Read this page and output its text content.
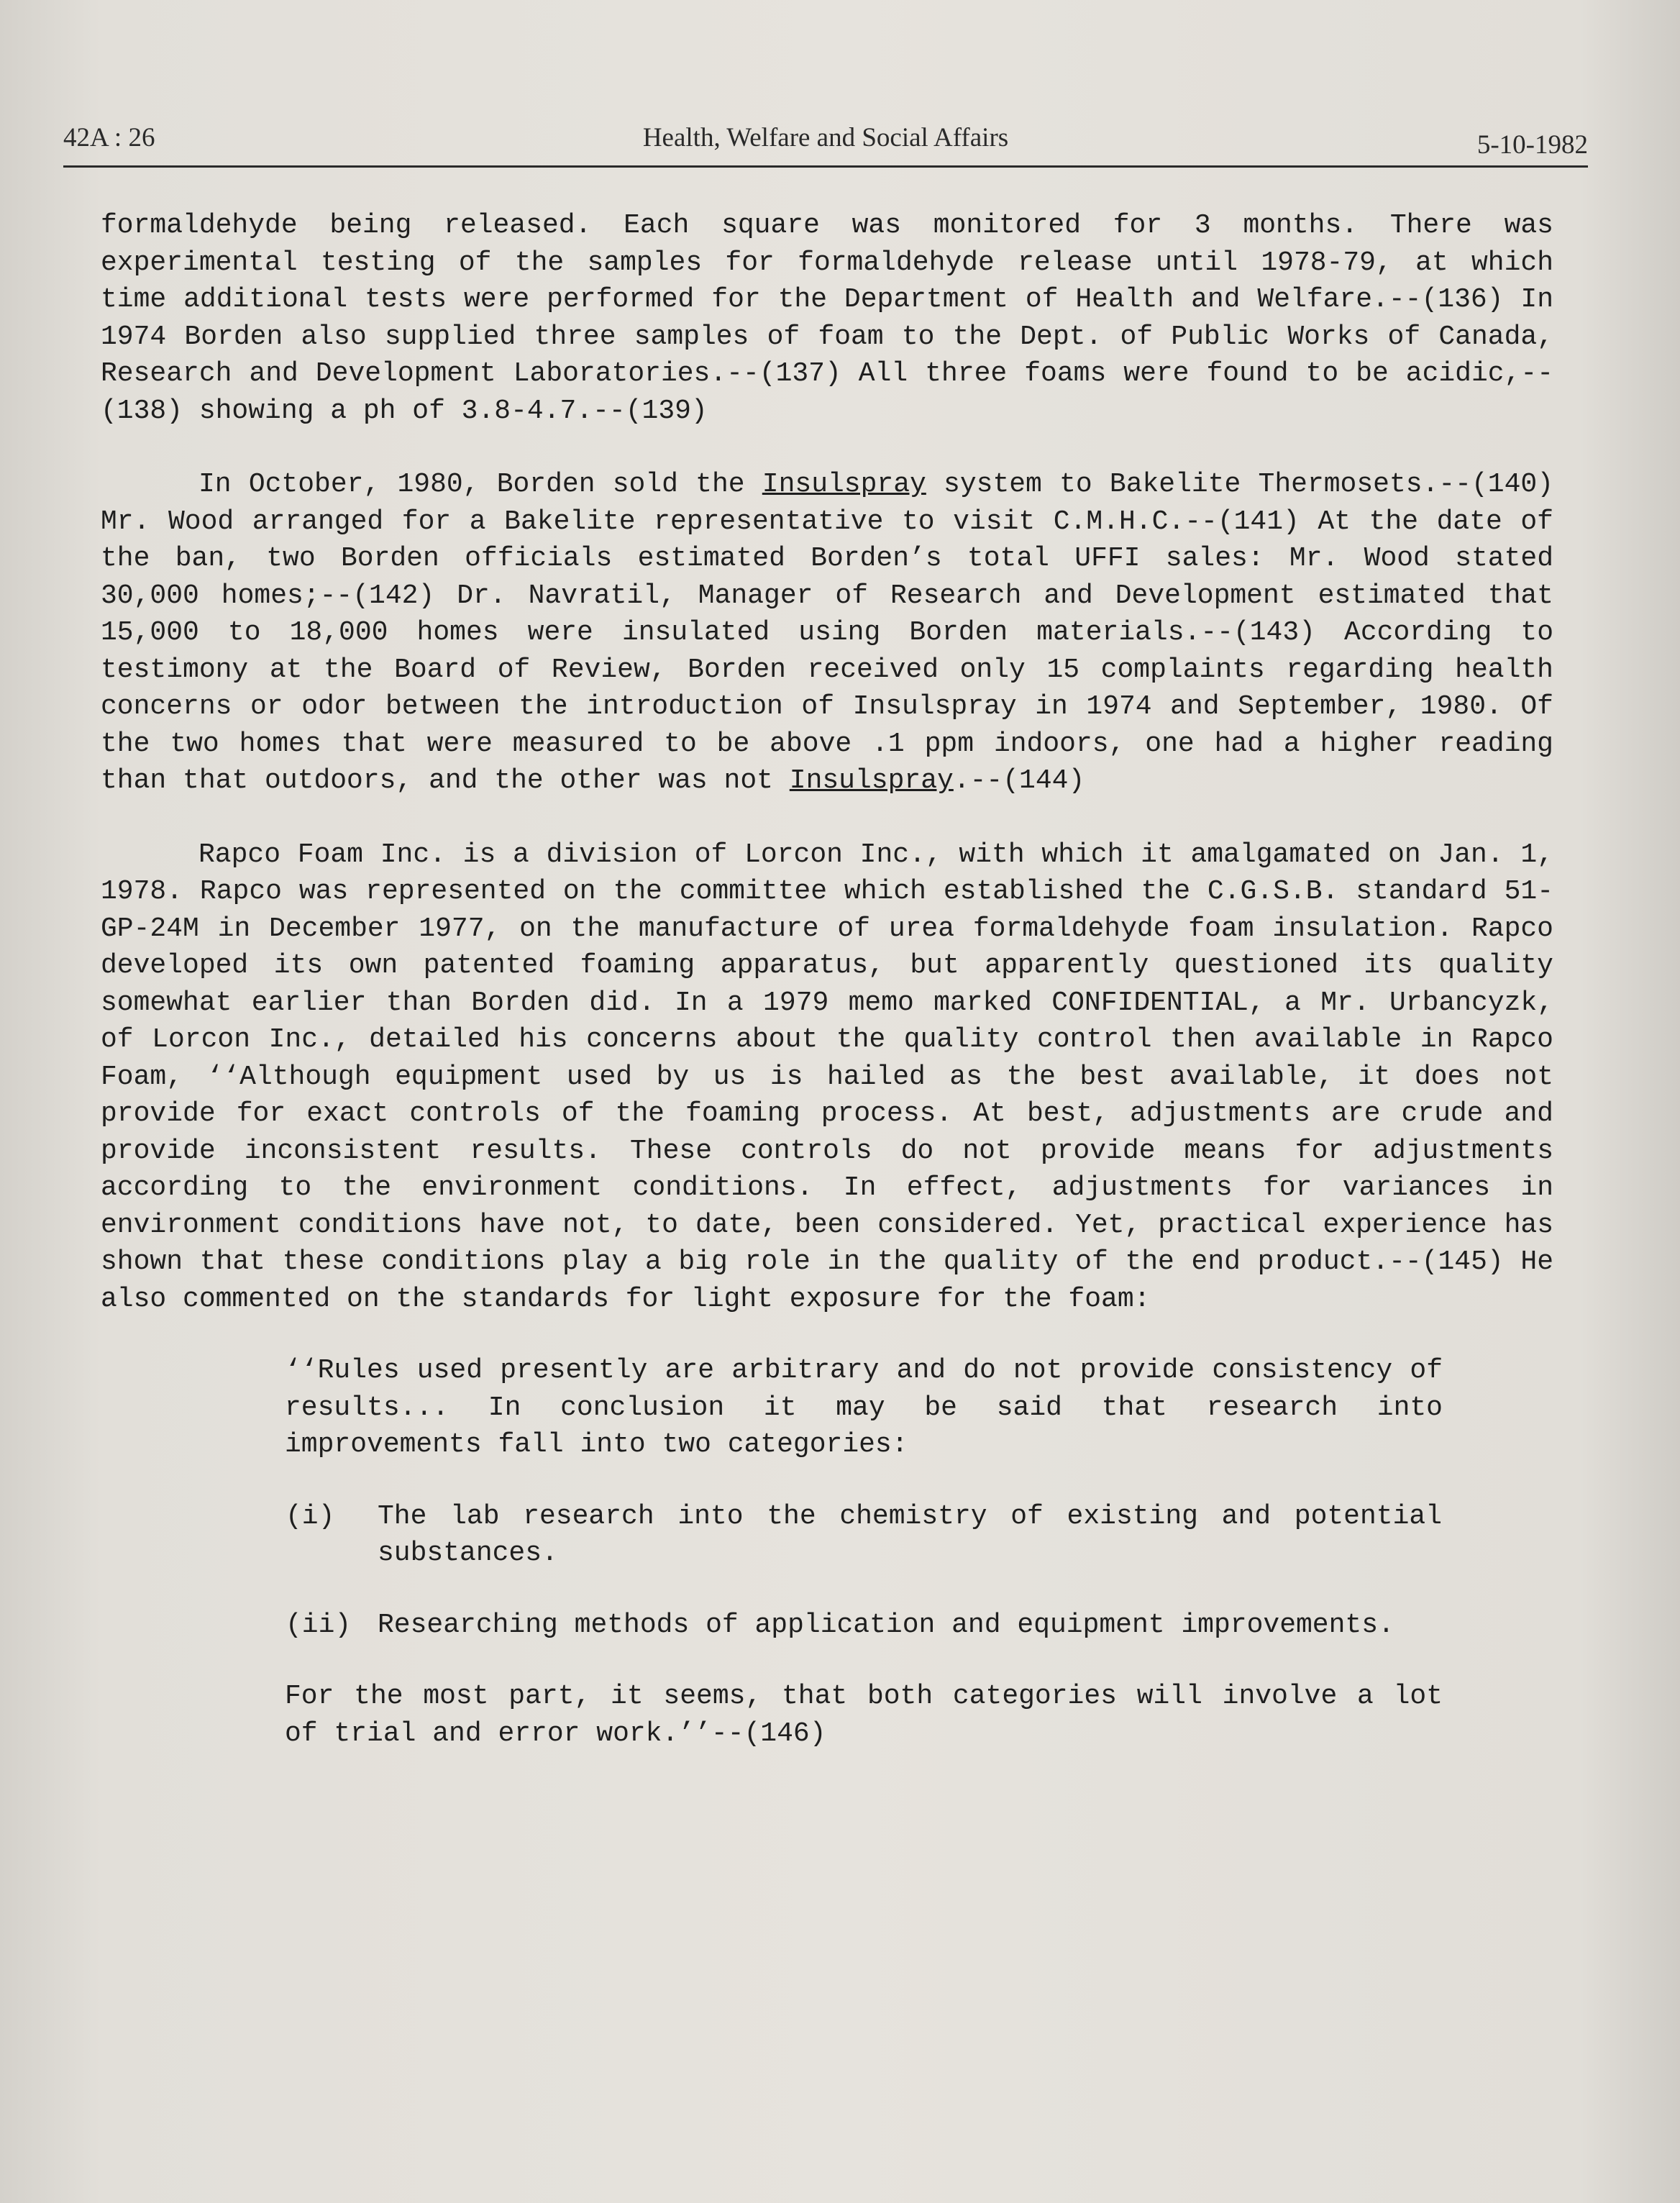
42A : 26	Health, Welfare and Social Affairs	5-10-1982

formaldehyde being released. Each square was monitored for 3 months. There was experimental testing of the samples for formaldehyde release until 1978-79, at which time additional tests were performed for the Department of Health and Welfare.--(136) In 1974 Borden also supplied three samples of foam to the Dept. of Public Works of Canada, Research and Development Laboratories.--(137) All three foams were found to be acidic,--(138) showing a ph of 3.8-4.7.--(139)

In October, 1980, Borden sold the Insulspray system to Bakelite Thermosets.--(140) Mr. Wood arranged for a Bakelite representative to visit C.M.H.C.--(141) At the date of the ban, two Borden officials estimated Borden’s total UFFI sales: Mr. Wood stated 30,000 homes;--(142) Dr. Navratil, Manager of Research and Development estimated that 15,000 to 18,000 homes were insulated using Borden materials.--(143) According to testimony at the Board of Review, Borden received only 15 complaints regarding health concerns or odor between the introduction of Insulspray in 1974 and September, 1980. Of the two homes that were measured to be above .1 ppm indoors, one had a higher reading than that outdoors, and the other was not Insulspray.--(144)

Rapco Foam Inc. is a division of Lorcon Inc., with which it amalgamated on Jan. 1, 1978. Rapco was represented on the committee which established the C.G.S.B. standard 51-GP-24M in December 1977, on the manufacture of urea formaldehyde foam insulation. Rapco developed its own patented foaming apparatus, but apparently questioned its quality somewhat earlier than Borden did. In a 1979 memo marked CONFIDENTIAL, a Mr. Urbancyzk, of Lorcon Inc., detailed his concerns about the quality control then available in Rapco Foam, ‘‘Although equipment used by us is hailed as the best available, it does not provide for exact controls of the foaming process. At best, adjustments are crude and provide inconsistent results. These controls do not provide means for adjustments according to the environment conditions. In effect, adjustments for variances in environment conditions have not, to date, been considered. Yet, practical experience has shown that these conditions play a big role in the quality of the end product.--(145) He also commented on the standards for light exposure for the foam:

‘‘Rules used presently are arbitrary and do not provide consistency of results... In conclusion it may be said that research into improvements fall into two categories:

(i) The lab research into the chemistry of existing and potential substances.
(ii) Researching methods of application and equipment improvements.

For the most part, it seems, that both categories will involve a lot of trial and error work.’’--(146)
